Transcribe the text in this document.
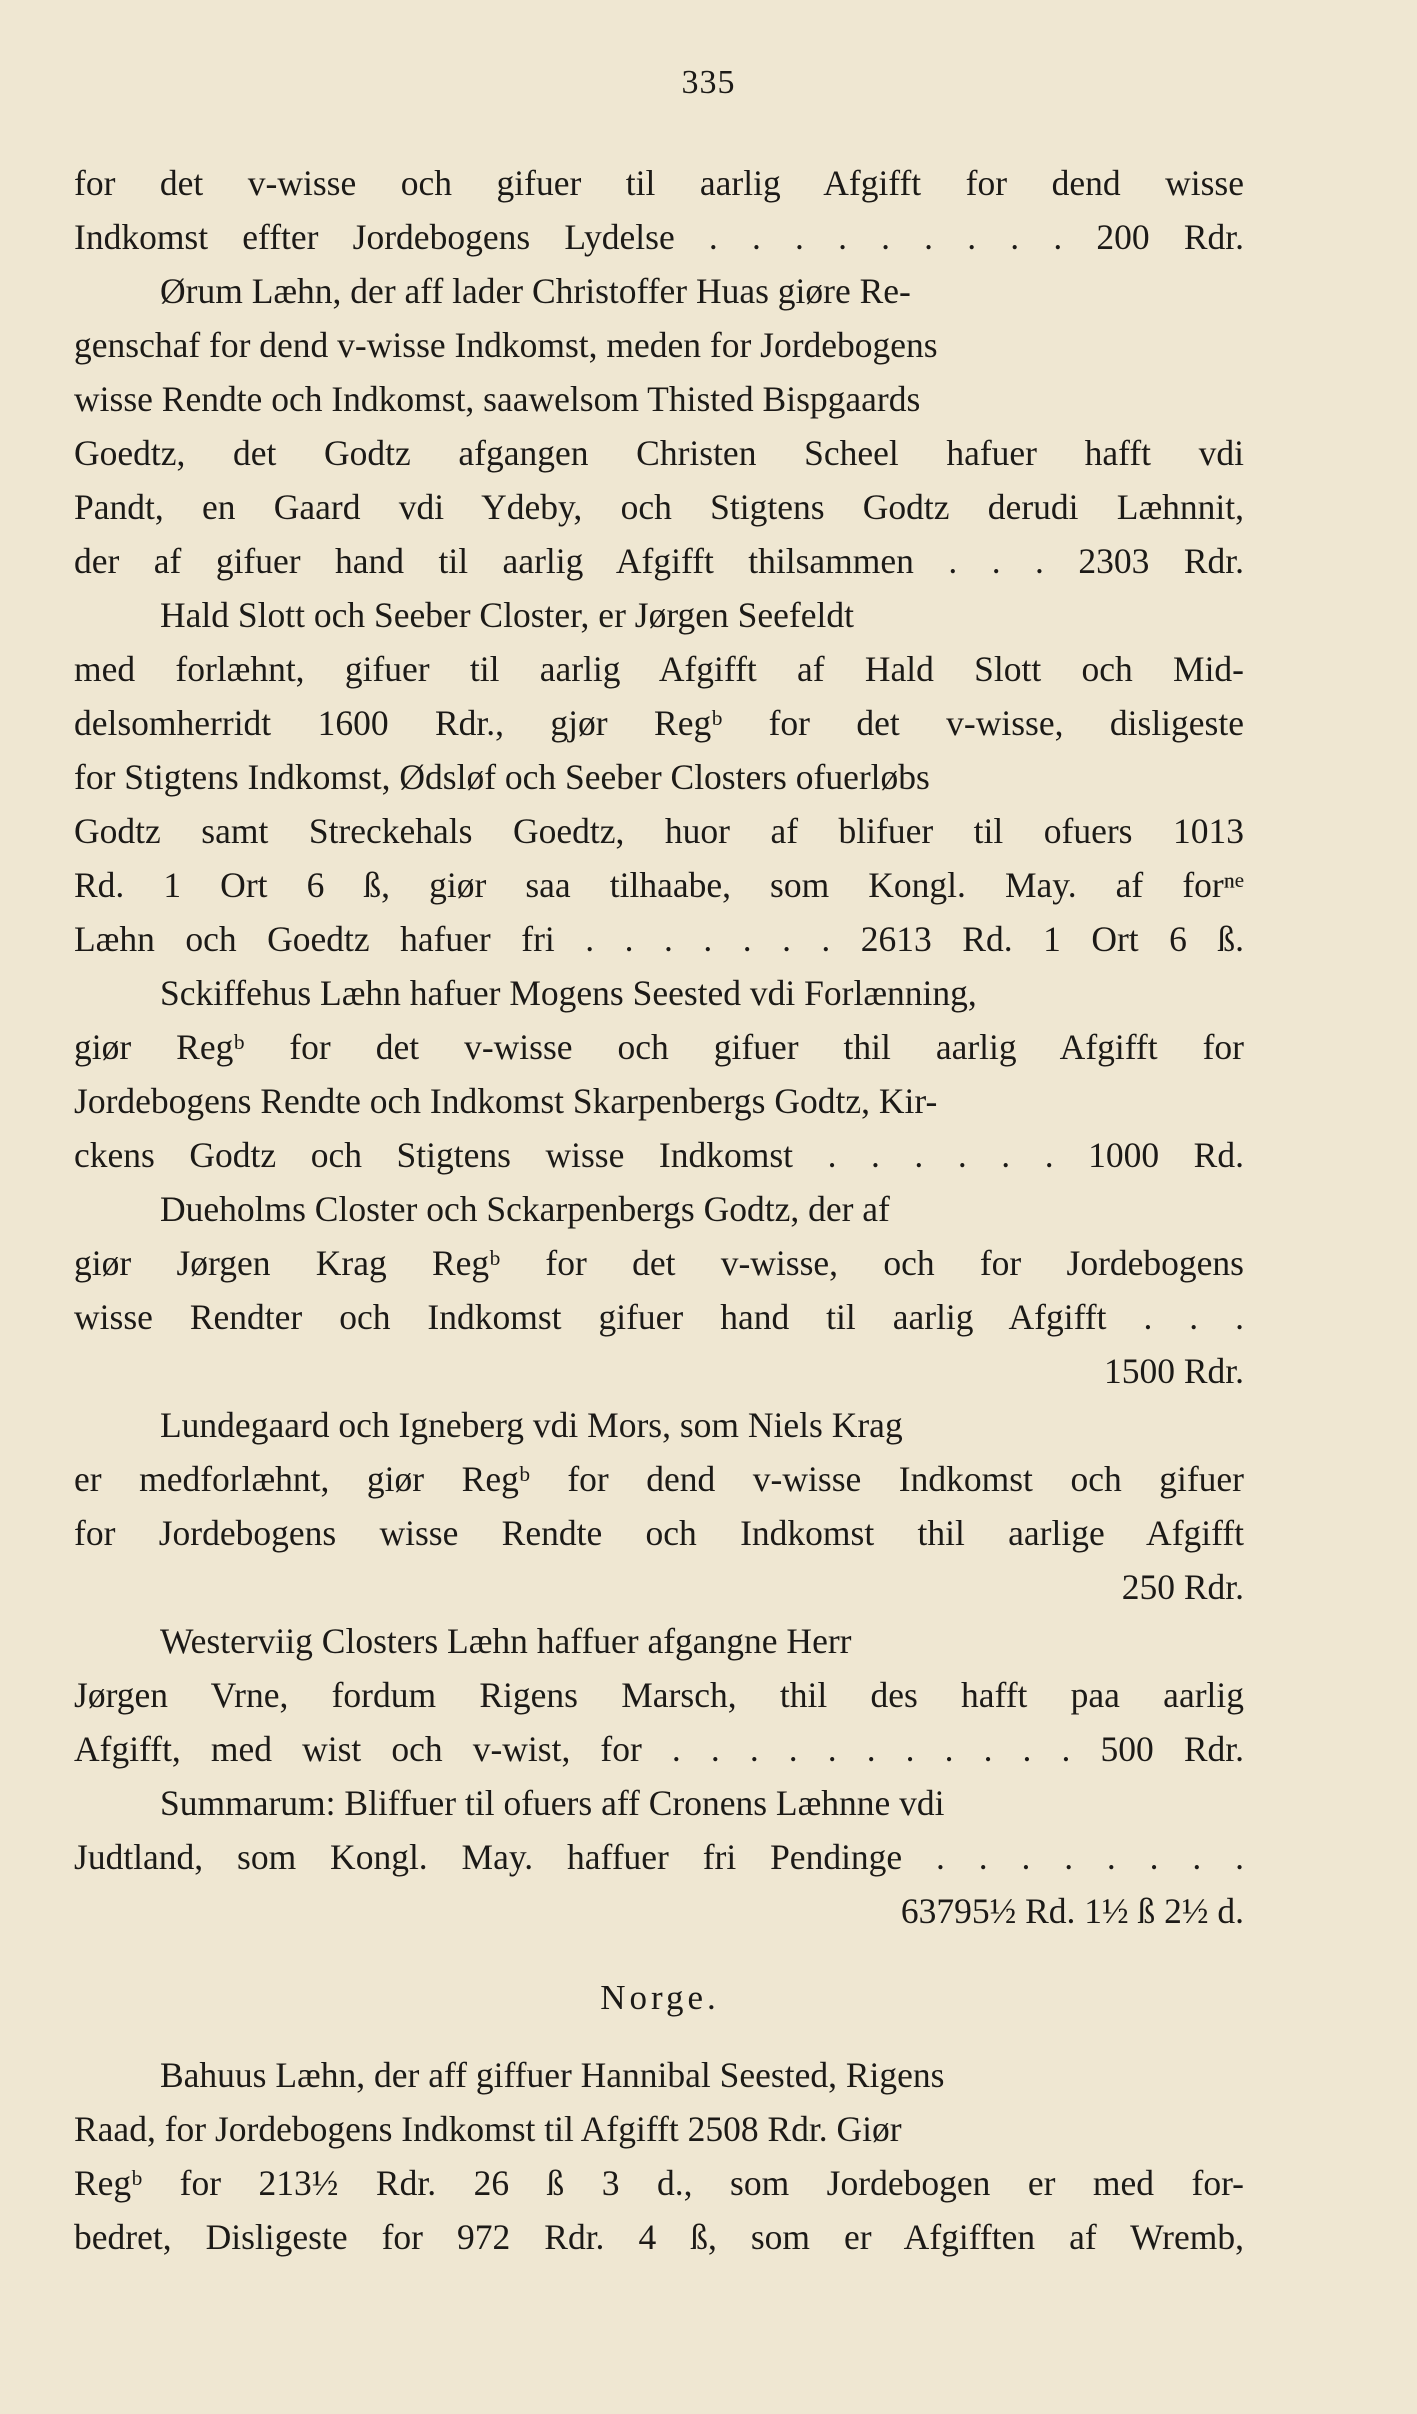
335
for det v-wisse och gifuer til aarlig Afgifft for dend wisse
Indkomst effter Jordebogens Lydelse . . . . . . . . . 200 Rdr.
Ørum Læhn, der aff lader Christoffer Huas giøre Re-
genschaf for dend v-wisse Indkomst, meden for Jordebogens
wisse Rendte och Indkomst, saawelsom Thisted Bispgaards
Goedtz, det Godtz afgangen Christen Scheel hafuer hafft vdi
Pandt, en Gaard vdi Ydeby, och Stigtens Godtz derudi Læhnnit,
der af gifuer hand til aarlig Afgifft thilsammen . . . 2303 Rdr.
Hald Slott och Seeber Closter, er Jørgen Seefeldt
med forlæhnt, gifuer til aarlig Afgifft af Hald Slott och Mid-
delsomherridt 1600 Rdr., gjør Regᵇ for det v-wisse, disligeste
for Stigtens Indkomst, Ødsløf och Seeber Closters ofuerløbs
Godtz samt Streckehals Goedtz, huor af blifuer til ofuers 1013
Rd. 1 Ort 6 ß, giør saa tilhaabe, som Kongl. May. af forⁿᵉ
Læhn och Goedtz hafuer fri . . . . . . . 2613 Rd. 1 Ort 6 ß.
Sckiffehus Læhn hafuer Mogens Seested vdi Forlænning,
giør Regᵇ for det v-wisse och gifuer thil aarlig Afgifft for
Jordebogens Rendte och Indkomst Skarpenbergs Godtz, Kir-
ckens Godtz och Stigtens wisse Indkomst . . . . . . 1000 Rd.
Dueholms Closter och Sckarpenbergs Godtz, der af
giør Jørgen Krag Regᵇ for det v-wisse, och for Jordebogens
wisse Rendter och Indkomst gifuer hand til aarlig Afgifft . . .
1500 Rdr.
Lundegaard och Igneberg vdi Mors, som Niels Krag
er medforlæhnt, giør Regᵇ for dend v-wisse Indkomst och gifuer
for Jordebogens wisse Rendte och Indkomst thil aarlige Afgifft
250 Rdr.
Westerviig Closters Læhn haffuer afgangne Herr
Jørgen Vrne, fordum Rigens Marsch, thil des hafft paa aarlig
Afgifft, med wist och v-wist, for . . . . . . . . . . . 500 Rdr.
Summarum: Bliffuer til ofuers aff Cronens Læhnne vdi
Judtland, som Kongl. May. haffuer fri Pendinge . . . . . . . .
63795½ Rd. 1½ ß 2½ d.
Norge.
Bahuus Læhn, der aff giffuer Hannibal Seested, Rigens
Raad, for Jordebogens Indkomst til Afgifft 2508 Rdr. Giør
Regᵇ for 213½ Rdr. 26 ß 3 d., som Jordebogen er med for-
bedret, Disligeste for 972 Rdr. 4 ß, som er Afgifften af Wremb,
